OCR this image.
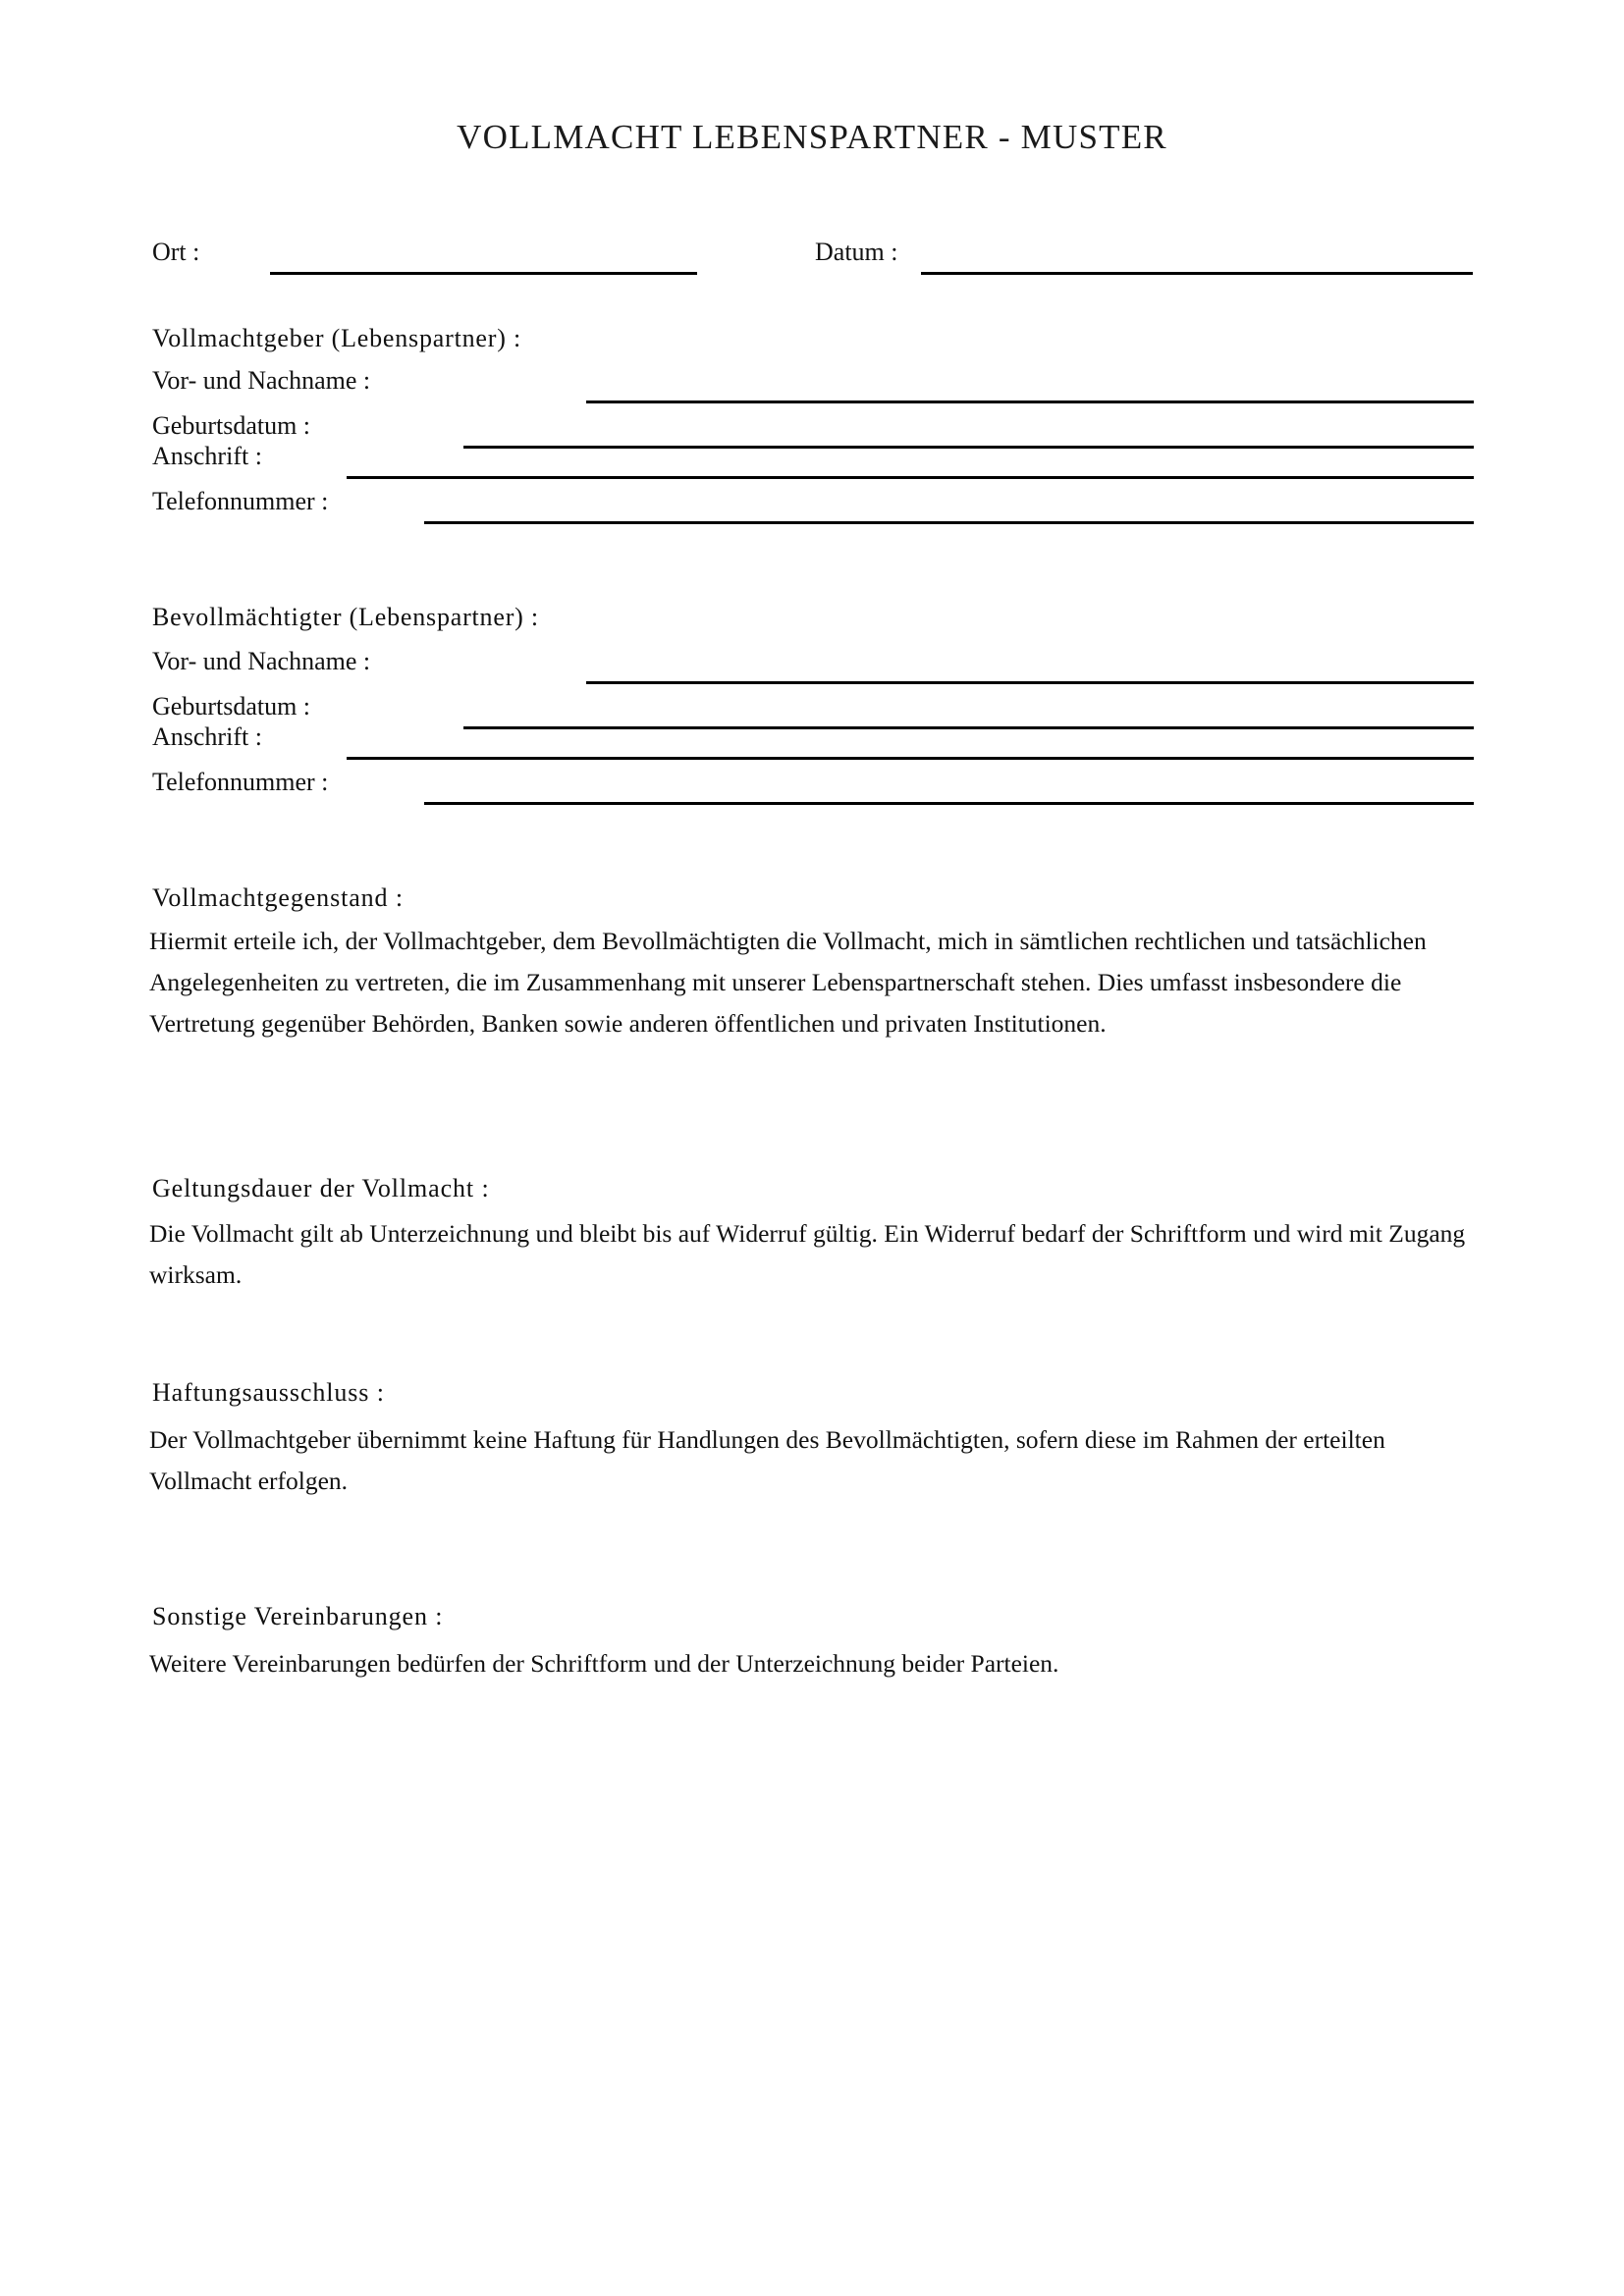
VOLLMACHT LEBENSPARTNER - MUSTER
Ort :	Datum :
Vollmachtgeber (Lebenspartner) :
Vor- und Nachname :
Geburtsdatum :
Anschrift :
Telefonnummer :
Bevollmächtigter (Lebenspartner) :
Vor- und Nachname :
Geburtsdatum :
Anschrift :
Telefonnummer :
Vollmachtgegenstand :
Hiermit erteile ich, der Vollmachtgeber, dem Bevollmächtigten die Vollmacht, mich in sämtlichen rechtlichen und tatsächlichen Angelegenheiten zu vertreten, die im Zusammenhang mit unserer Lebenspartnerschaft stehen. Dies umfasst insbesondere die Vertretung gegenüber Behörden, Banken sowie anderen öffentlichen und privaten Institutionen.
Geltungsdauer der Vollmacht :
Die Vollmacht gilt ab Unterzeichnung und bleibt bis auf Widerruf gültig. Ein Widerruf bedarf der Schriftform und wird mit Zugang wirksam.
Haftungsausschluss :
Der Vollmachtgeber übernimmt keine Haftung für Handlungen des Bevollmächtigten, sofern diese im Rahmen der erteilten Vollmacht erfolgen.
Sonstige Vereinbarungen :
Weitere Vereinbarungen bedürfen der Schriftform und der Unterzeichnung beider Parteien.
